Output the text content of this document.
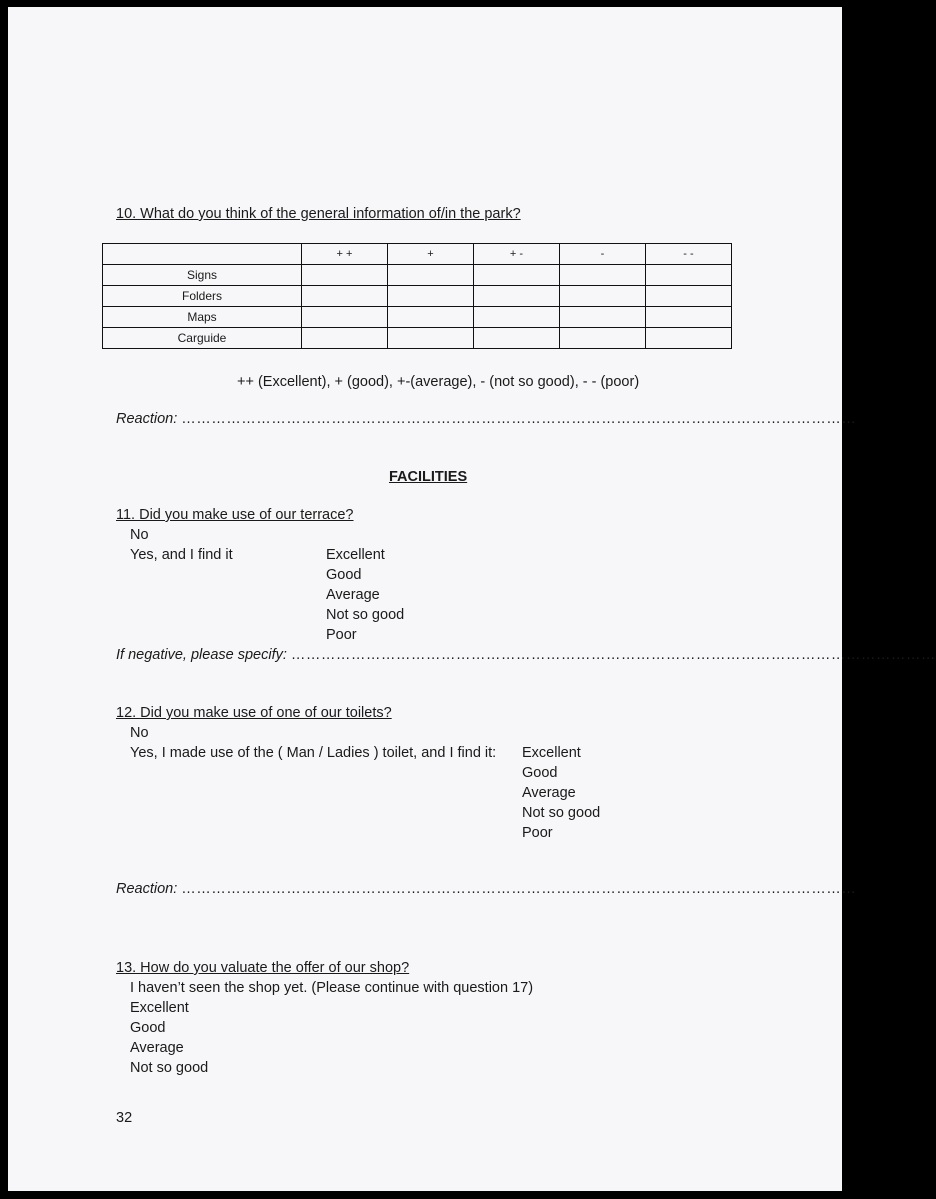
10. What do you think of the general information of/in the park?
	+ +	+	+ -	-	- -
Signs					
Folders					
Maps					
Carguide					
++ (Excellent), + (good), +-(average), - (not so good), - - (poor)
Reaction: ………………………………………………………………………………………………………………………
FACILITIES
11. Did you make use of our terrace?
No
Yes, and I find it	Excellent
Good
Average
Not so good
Poor
If negative, please specify: …………………………………………………………………………………………………………………
12. Did you make use of one of our toilets?
No
Yes, I made use of the ( Man / Ladies ) toilet, and I find it: Excellent
Good
Average
Not so good
Poor
Reaction: ………………………………………………………………………………………………………………………
13. How do you valuate the offer of our shop?
I haven’t seen the shop yet. (Please continue with question 17)
Excellent
Good
Average
Not so good
32
